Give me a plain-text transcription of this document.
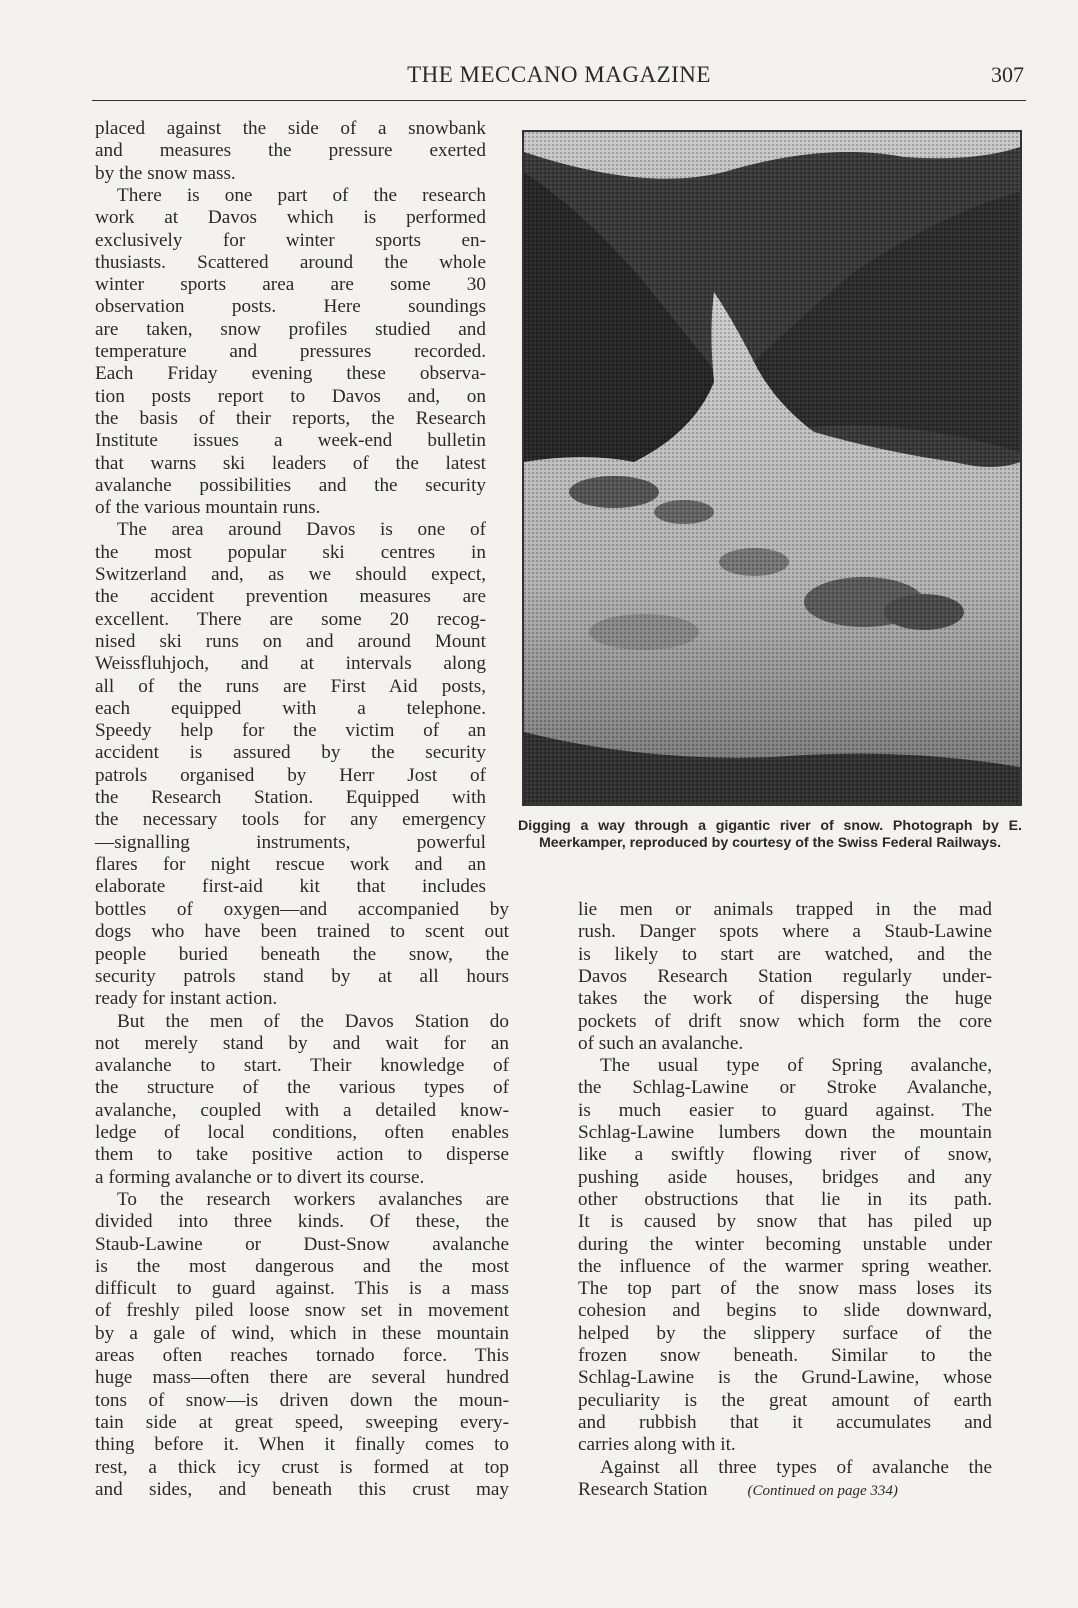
THE MECCANO MAGAZINE	307

placed against the side of a snowbank

and measures the pressure exerted

by the snow mass.

There is one part of the research

work at Davos which is performed

exclusively for winter sports en-

thusiasts. Scattered around the whole

winter sports area are some 30

observation posts. Here soundings

are taken, snow profiles studied and

temperature and pressures recorded.

Each Friday evening these observa-

tion posts report to Davos and, on

the basis of their reports, the Research

Institute issues a week-end bulletin

that warns ski leaders of the latest

avalanche possibilities and the security

of the various mountain runs.

The area around Davos is one of

the most popular ski centres in

Switzerland and, as we should expect,

the accident prevention measures are

excellent. There are some 20 recog-

nised ski runs on and around Mount

Weissfluhjoch, and at intervals along

all of the runs are First Aid posts,

each equipped with a telephone.

Speedy help for the victim of an

accident is assured by the security

patrols organised by Herr Jost of

the Research Station. Equipped with

the necessary tools for any emergency

—signalling instruments, powerful

flares for night rescue work and an

elaborate first-aid kit that includes

bottles of oxygen—and accompanied by

dogs who have been trained to scent out

people buried beneath the snow, the

security patrols stand by at all hours

ready for instant action.

But the men of the Davos Station do

not merely stand by and wait for an

avalanche to start. Their knowledge of

the structure of the various types of

avalanche, coupled with a detailed know-

ledge of local conditions, often enables

them to take positive action to disperse

a forming avalanche or to divert its course.

To the research workers avalanches are

divided into three kinds. Of these, the

Staub-Lawine or Dust-Snow avalanche

is the most dangerous and the most

difficult to guard against. This is a mass

of freshly piled loose snow set in movement

by a gale of wind, which in these mountain

areas often reaches tornado force. This

huge mass—often there are several hundred

tons of snow—is driven down the moun-

tain side at great speed, sweeping every-

thing before it. When it finally comes to

rest, a thick icy crust is formed at top

and sides, and beneath this crust may

lie men or animals trapped in the mad

rush. Danger spots where a Staub-Lawine

is likely to start are watched, and the

Davos Research Station regularly under-

takes the work of dispersing the huge

pockets of drift snow which form the core

of such an avalanche.

The usual type of Spring avalanche,

the Schlag-Lawine or Stroke Avalanche,

is much easier to guard against. The

Schlag-Lawine lumbers down the mountain

like a swiftly flowing river of snow,

pushing aside houses, bridges and any

other obstructions that lie in its path.

It is caused by snow that has piled up

during the winter becoming unstable under

the influence of the warmer spring weather.

The top part of the snow mass loses its

cohesion and begins to slide downward,

helped by the slippery surface of the

frozen snow beneath. Similar to the

Schlag-Lawine is the Grund-Lawine, whose

peculiarity is the great amount of earth

and rubbish that it accumulates and

carries along with it.

Against all three types of avalanche the

Research Station	(Continued on page 334)

Digging a way through a gigantic river of snow. Photograph by E. Meerkamper, reproduced by courtesy of the Swiss Federal Railways.
